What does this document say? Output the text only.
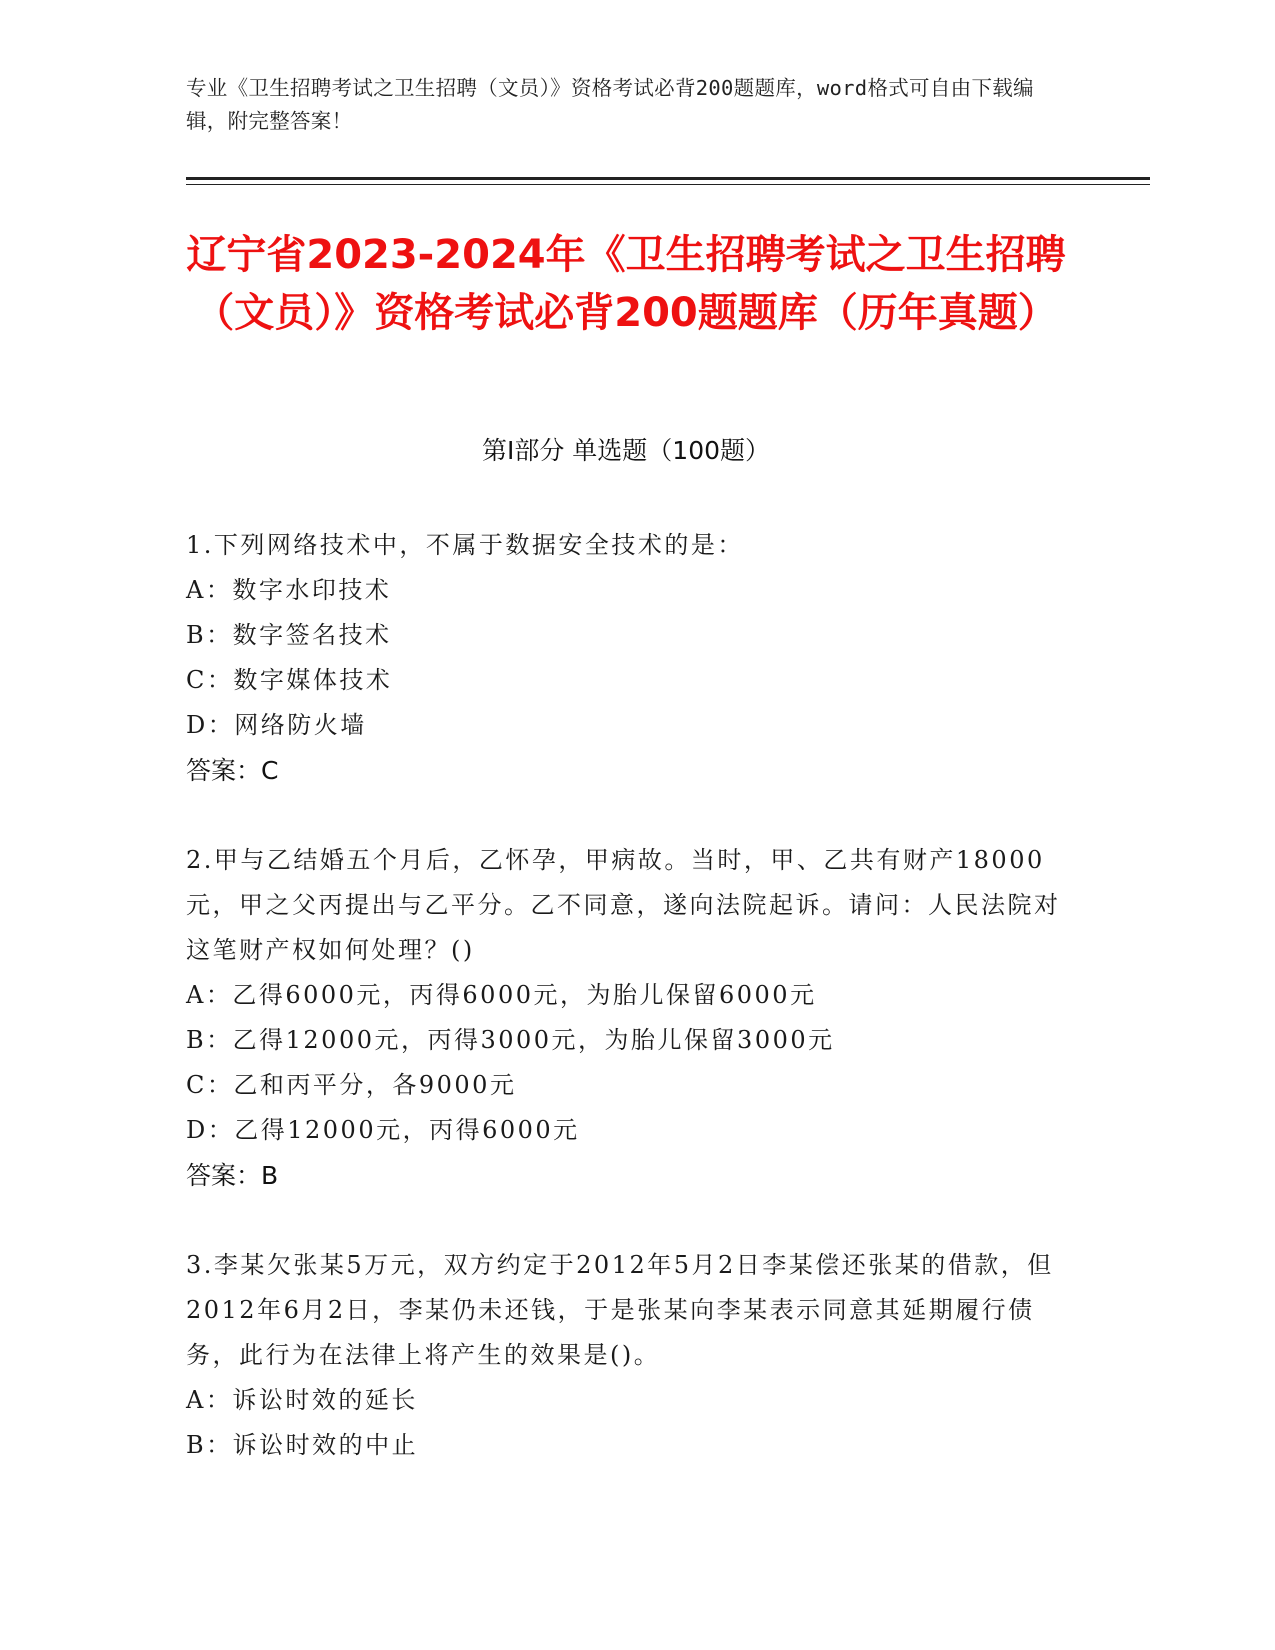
专业《卫生招聘考试之卫生招聘（文员）》资格考试必背200题题库，word格式可自由下载编辑，附完整答案！
辽宁省2023-2024年《卫生招聘考试之卫生招聘（文员）》资格考试必背200题题库（历年真题）
第Ⅰ部分 单选题（100题）
1.下列网络技术中，不属于数据安全技术的是：
A：数字水印技术
B：数字签名技术
C：数字媒体技术
D：网络防火墙
答案：C
2.甲与乙结婚五个月后，乙怀孕，甲病故。当时，甲、乙共有财产18000元，甲之父丙提出与乙平分。乙不同意，遂向法院起诉。请问：人民法院对这笔财产权如何处理？()
A：乙得6000元，丙得6000元，为胎儿保留6000元
B：乙得12000元，丙得3000元，为胎儿保留3000元
C：乙和丙平分，各9000元
D：乙得12000元，丙得6000元
答案：B
3.李某欠张某5万元，双方约定于2012年5月2日李某偿还张某的借款，但2012年6月2日，李某仍未还钱，于是张某向李某表示同意其延期履行债务，此行为在法律上将产生的效果是()。
A：诉讼时效的延长
B：诉讼时效的中止
